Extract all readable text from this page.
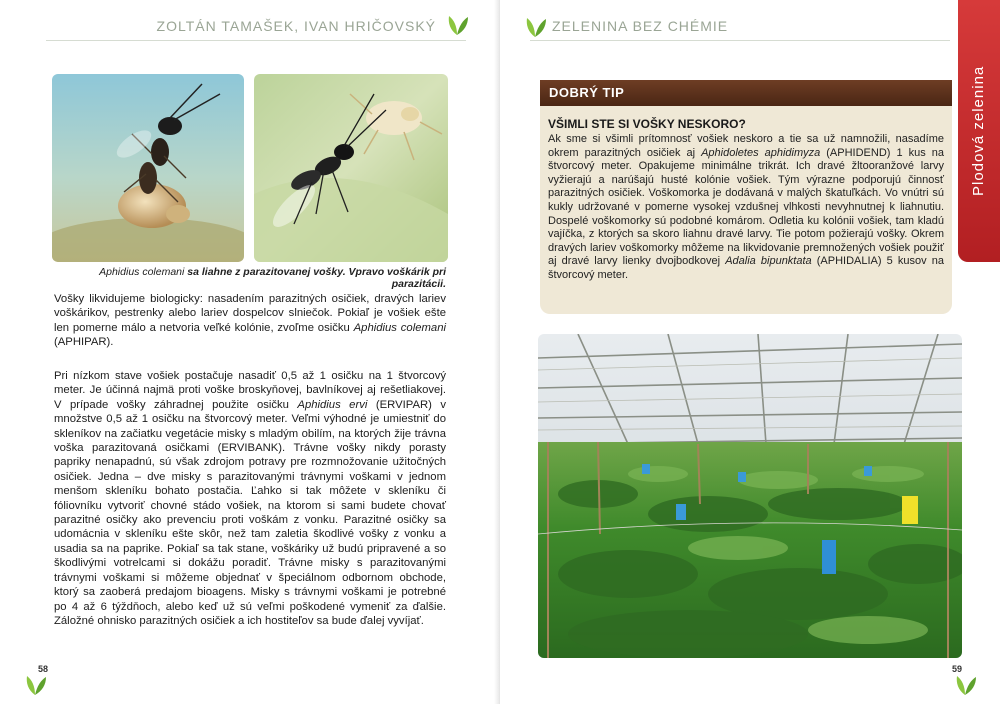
ZOLTÁN TAMAŠEK, IVAN HRIČOVSKÝ
Aphidius colemani sa liahne z parazitovanej vošky. Vpravo voškárik pri parazitácii.

Vošky likvidujeme biologicky: nasadením parazitných osičiek, dravých lariev voškárikov, pestrenky alebo lariev dospelcov slniečok. Pokiaľ je vošiek ešte len pomerne málo a netvoria veľké kolónie, zvoľme osičku Aphidius colemani (APHIPAR).

Pri nízkom stave vošiek postačuje nasadiť 0,5 až 1 osičku na 1 štvorcový meter. Je účinná najmä proti voške broskyňovej, bavlníkovej aj rešetliakovej. V prípade vošky záhradnej použite osičku Aphidius ervi (ERVIPAR) v množstve 0,5 až 1 osičku na štvorcový meter. Veľmi výhodné je umiestniť do skleníkov na začiatku vegetácie misky s mladým obilím, na ktorých žije trávna voška parazitovaná osičkami (ERVIBANK). Trávne vošky nikdy porasty papriky nenapadnú, sú však zdrojom potravy pre rozmnožovanie užitočných osičiek. Jedna – dve misky s parazitovanými trávnymi voškami v jednom menšom skleníku bohato postačia. Ľahko si tak môžete v skleníku či fóliovníku vytvoriť chovné stádo vošiek, na ktorom si sami budete chovať parazitné osičky ako prevenciu proti voškám z vonku. Parazitné osičky sa udomácnia v skleníku ešte skôr, než tam zaletia škodlivé vošky z vonku a usadia sa na paprike. Pokiaľ sa tak stane, voškáriky už budú pripravené a so škodlivými votrelcami si dokážu poradiť. Trávne misky s parazitovanými trávnymi voškami si môžeme objednať v špeciálnom odbornom obchode, ktorý sa zaoberá predajom bioagens. Misky s trávnymi voškami je potrebné po 4 až 6 týždňoch, alebo keď už sú veľmi poškodené vymeniť za ďalšie. Záložné ohnisko parazitných osičiek a ich hostiteľov sa bude ďalej vyvíjať.

58
ZELENINA BEZ CHÉMIE
59
Plodová zelenina
DOBRÝ TIP
VŠIMLI STE SI VOŠKY NESKORO?
Ak sme si všimli prítomnosť vošiek neskoro a tie sa už namnožili, nasadíme okrem parazitných osičiek aj Aphidoletes aphidimyza (APHIDEND) 1 kus na štvorcový meter. Opakujeme minimálne trikrát. Ich dravé žltooranžové larvy vyžierajú a narúšajú husté kolónie vošiek. Tým výrazne podporujú činnosť parazitných osičiek. Voškomorka je dodávaná v malých škatuľkách. Vo vnútri sú kukly udržované v pomerne vysokej vzdušnej vlhkosti nevyhnutnej k liahnutiu. Dospelé voškomorky sú podobné komárom. Odletia ku kolónii vošiek, tam kladú vajíčka, z ktorých sa skoro liahnu dravé larvy. Tie potom požierajú vošky. Okrem dravých lariev voškomorky môžeme na likvidovanie premnožených vošiek použiť aj dravé larvy lienky dvojbodkovej Adalia bipunktata (APHIDALIA) 5 kusov na štvorcový meter.
